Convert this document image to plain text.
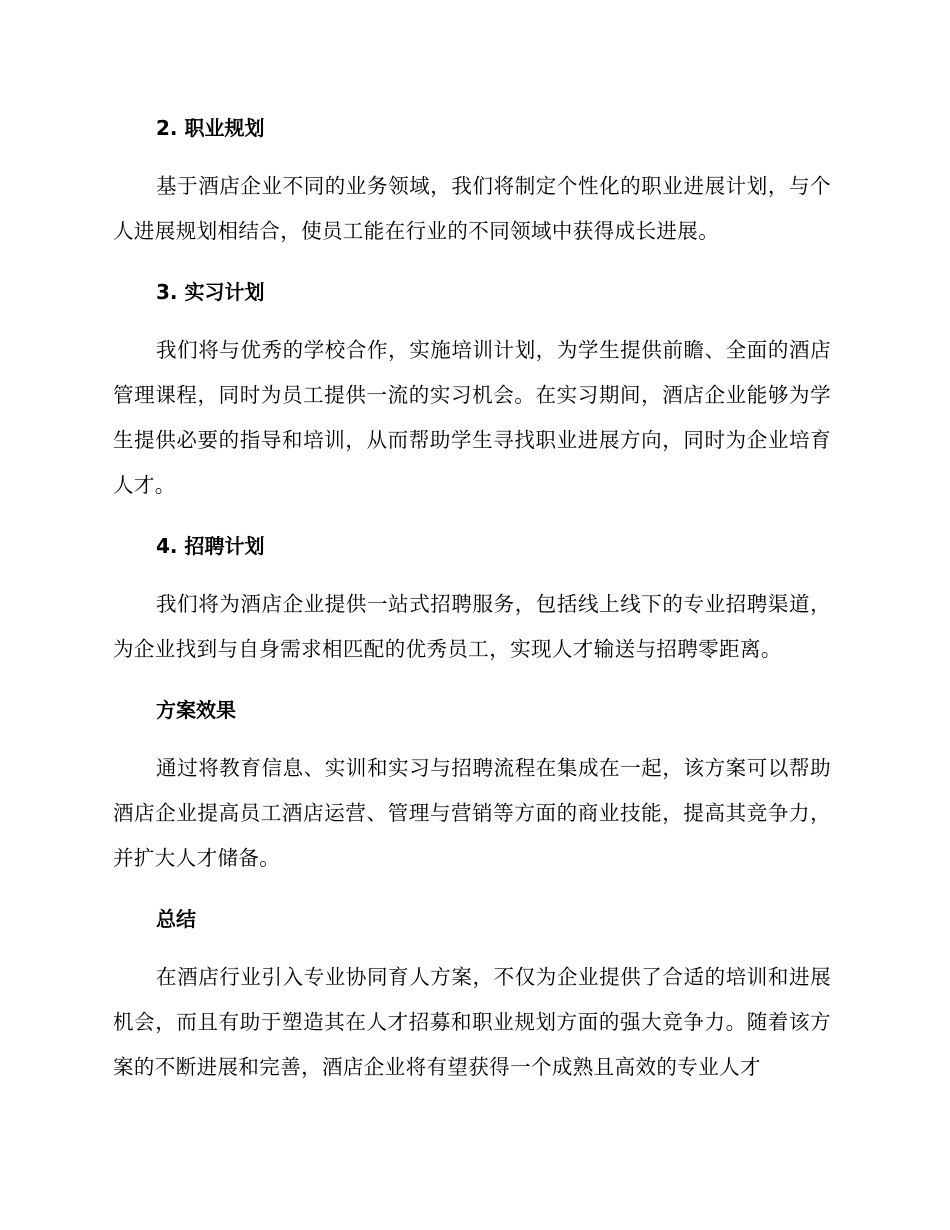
2. 职业规划

基于酒店企业不同的业务领域，我们将制定个性化的职业进展计划，与个人进展规划相结合，使员工能在行业的不同领域中获得成长进展。

3. 实习计划

我们将与优秀的学校合作，实施培训计划，为学生提供前瞻、全面的酒店管理课程，同时为员工提供一流的实习机会。在实习期间，酒店企业能够为学生提供必要的指导和培训，从而帮助学生寻找职业进展方向，同时为企业培育人才。

4. 招聘计划

我们将为酒店企业提供一站式招聘服务，包括线上线下的专业招聘渠道，为企业找到与自身需求相匹配的优秀员工，实现人才输送与招聘零距离。

方案效果

通过将教育信息、实训和实习与招聘流程在集成在一起，该方案可以帮助酒店企业提高员工酒店运营、管理与营销等方面的商业技能，提高其竞争力，并扩大人才储备。

总结

在酒店行业引入专业协同育人方案，不仅为企业提供了合适的培训和进展机会，而且有助于塑造其在人才招募和职业规划方面的强大竞争力。随着该方案的不断进展和完善，酒店企业将有望获得一个成熟且高效的专业人才
